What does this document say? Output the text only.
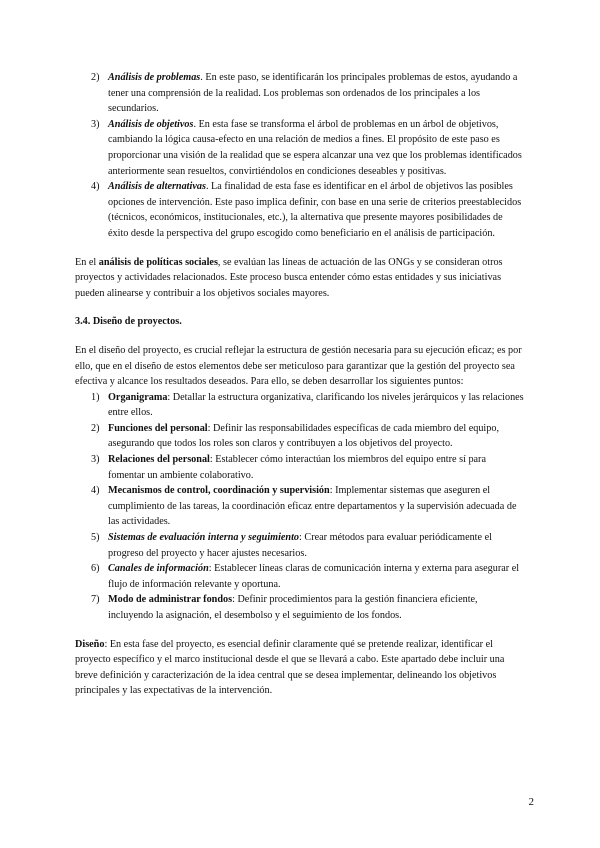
2) Análisis de problemas. En este paso, se identificarán los principales problemas de estos, ayudando a tener una comprensión de la realidad. Los problemas son ordenados de los principales a los secundarios.
3) Análisis de objetivos. En esta fase se transforma el árbol de problemas en un árbol de objetivos, cambiando la lógica causa-efecto en una relación de medios a fines. El propósito de este paso es proporcionar una visión de la realidad que se espera alcanzar una vez que los problemas identificados anteriormente sean resueltos, convirtiéndolos en condiciones deseables y positivas.
4) Análisis de alternativas. La finalidad de esta fase es identificar en el árbol de objetivos las posibles opciones de intervención. Este paso implica definir, con base en una serie de criterios preestablecidos (técnicos, económicos, institucionales, etc.), la alternativa que presente mayores posibilidades de éxito desde la perspectiva del grupo escogido como beneficiario en el análisis de participación.

En el análisis de políticas sociales, se evalúan las líneas de actuación de las ONGs y se consideran otros proyectos y actividades relacionados. Este proceso busca entender cómo estas entidades y sus iniciativas pueden alinearse y contribuir a los objetivos sociales mayores.

3.4. Diseño de proyectos.

En el diseño del proyecto, es crucial reflejar la estructura de gestión necesaria para su ejecución eficaz; es por ello, que en el diseño de estos elementos debe ser meticuloso para garantizar que la gestión del proyecto sea efectiva y alcance los resultados deseados. Para ello, se deben desarrollar los siguientes puntos:

1) Organigrama: Detallar la estructura organizativa, clarificando los niveles jerárquicos y las relaciones entre ellos.
2) Funciones del personal: Definir las responsabilidades específicas de cada miembro del equipo, asegurando que todos los roles son claros y contribuyen a los objetivos del proyecto.
3) Relaciones del personal: Establecer cómo interactúan los miembros del equipo entre sí para fomentar un ambiente colaborativo.
4) Mecanismos de control, coordinación y supervisión: Implementar sistemas que aseguren el cumplimiento de las tareas, la coordinación eficaz entre departamentos y la supervisión adecuada de las actividades.
5) Sistemas de evaluación interna y seguimiento: Crear métodos para evaluar periódicamente el progreso del proyecto y hacer ajustes necesarios.
6) Canales de información: Establecer líneas claras de comunicación interna y externa para asegurar el flujo de información relevante y oportuna.
7) Modo de administrar fondos: Definir procedimientos para la gestión financiera eficiente, incluyendo la asignación, el desembolso y el seguimiento de los fondos.

Diseño: En esta fase del proyecto, es esencial definir claramente qué se pretende realizar, identificar el proyecto específico y el marco institucional desde el que se llevará a cabo. Este apartado debe incluir una breve definición y caracterización de la idea central que se desea implementar, delineando los objetivos principales y las expectativas de la intervención.

2
